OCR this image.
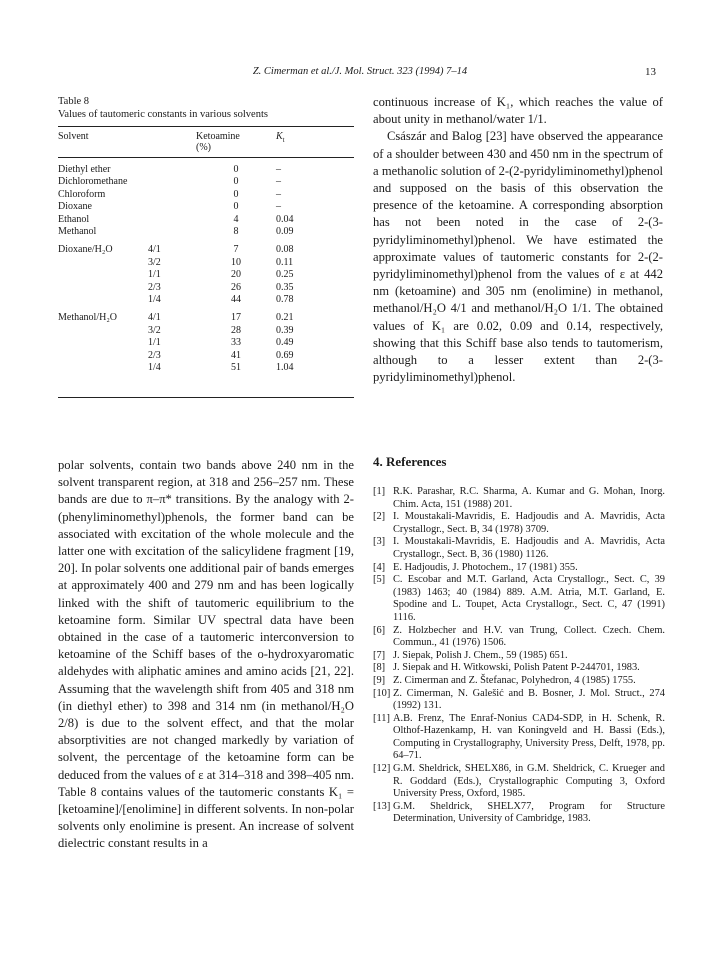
Z. Cimerman et al./J. Mol. Struct. 323 (1994) 7–14	13
Table 8
Values of tautomeric constants in various solvents
Solvent		Ketoamine
(%)	$K_t$
Diethyl ether		0	–
Dichloromethane		0	–
Chloroform		0	–
Dioxane		0	–
Ethanol		4	0.04
Methanol		8	0.09

Dioxane/H₂O	4/1	7	0.08
	3/2	10	0.11
	1/1	20	0.25
	2/3	26	0.35
	1/4	44	0.78

Methanol/H₂O	4/1	17	0.21
	3/2	28	0.39
	1/1	33	0.49
	2/3	41	0.69
	1/4	51	1.04

continuous increase of K₁, which reaches the value of about unity in methanol/water 1/1.

Császár and Balog [23] have observed the appearance of a shoulder between 430 and 450 nm in the spectrum of a methanolic solution of 2-(2-pyridyliminomethyl)phenol and supposed on the basis of this observation the presence of the ketoamine. A corresponding absorption has not been noted in the case of 2-(3-pyridyliminomethyl)phenol. We have estimated the approximate values of tautomeric constants for 2-(2-pyridyliminomethyl)phenol from the values of ε at 442 nm (ketoamine) and 305 nm (enolimine) in methanol, methanol/H₂O 4/1 and methanol/H₂O 1/1. The obtained values of K₁ are 0.02, 0.09 and 0.14, respectively, showing that this Schiff base also tends to tautomerism, although to a lesser extent than 2-(3-pyridyliminomethyl)phenol.

polar solvents, contain two bands above 240 nm in the solvent transparent region, at 318 and 256–257 nm. These bands are due to π–π* transitions. By the analogy with 2-(phenyliminomethyl)phenols, the former band can be associated with excitation of the whole molecule and the latter one with excitation of the salicylidene fragment [19, 20]. In polar solvents one additional pair of bands emerges at approximately 400 and 279 nm and has been logically linked with the shift of tautomeric equilibrium to the ketoamine form. Similar UV spectral data have been obtained in the case of a tautomeric interconversion to ketoamine of the Schiff bases of the o-hydroxyaromatic aldehydes with aliphatic amines and amino acids [21, 22]. Assuming that the wavelength shift from 405 and 318 nm (in diethyl ether) to 398 and 314 nm (in methanol/H₂O 2/8) is due to the solvent effect, and that the molar absorptivities are not changed markedly by variation of solvent, the percentage of the ketoamine form can be deduced from the values of ε at 314–318 and 398–405 nm. Table 8 contains values of the tautomeric constants K₁ = [ketoamine]/[enolimine] in different solvents. In non-polar solvents only enolimine is present. An increase of solvent dielectric constant results in a

4. References
[1] R.K. Parashar, R.C. Sharma, A. Kumar and G. Mohan, Inorg. Chim. Acta, 151 (1988) 201.
[2] I. Moustakali-Mavridis, E. Hadjoudis and A. Mavridis, Acta Crystallogr., Sect. B, 34 (1978) 3709.
[3] I. Moustakali-Mavridis, E. Hadjoudis and A. Mavridis, Acta Crystallogr., Sect. B, 36 (1980) 1126.
[4] E. Hadjoudis, J. Photochem., 17 (1981) 355.
[5] C. Escobar and M.T. Garland, Acta Crystallogr., Sect. C, 39 (1983) 1463; 40 (1984) 889. A.M. Atria, M.T. Garland, E. Spodine and L. Toupet, Acta Crystallogr., Sect. C, 47 (1991) 1116.
[6] Z. Holzbecher and H.V. van Trung, Collect. Czech. Chem. Commun., 41 (1976) 1506.
[7] J. Siepak, Polish J. Chem., 59 (1985) 651.
[8] J. Siepak and H. Witkowski, Polish Patent P-244701, 1983.
[9] Z. Cimerman and Z. Štefanac, Polyhedron, 4 (1985) 1755.
[10] Z. Cimerman, N. Galešić and B. Bosner, J. Mol. Struct., 274 (1992) 131.
[11] A.B. Frenz, The Enraf-Nonius CAD4-SDP, in H. Schenk, R. Olthof-Hazenkamp, H. van Koningveld and H. Bassi (Eds.), Computing in Crystallography, University Press, Delft, 1978, pp. 64–71.
[12] G.M. Sheldrick, SHELX86, in G.M. Sheldrick, C. Krueger and R. Goddard (Eds.), Crystallographic Computing 3, Oxford University Press, Oxford, 1985.
[13] G.M. Sheldrick, SHELX77, Program for Structure Determination, University of Cambridge, 1983.
